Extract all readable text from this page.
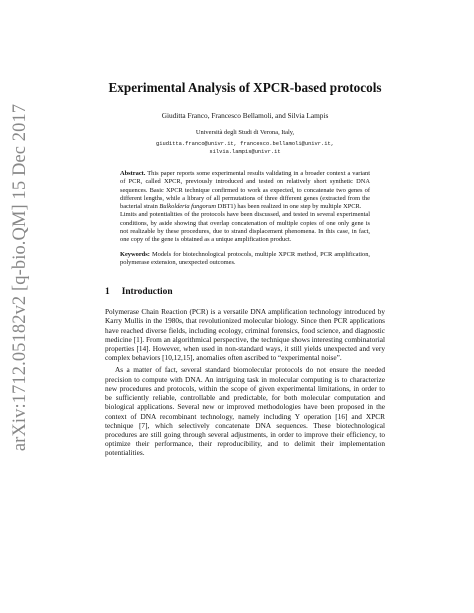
arXiv:1712.05182v2 [q-bio.QM] 15 Dec 2017
Experimental Analysis of XPCR-based protocols
Giuditta Franco, Francesco Bellamoli, and Silvia Lampis
Università degli Studi di Verona, Italy,
giuditta.franco@univr.it, francesco.bellamoli@univr.it, silvia.lampis@univr.it

Abstract. This paper reports some experimental results validating in a broader context a variant of PCR, called XPCR, previously introduced and tested on relatively short synthetic DNA sequences. Basic XPCR technique confirmed to work as expected, to concatenate two genes of different lengths, while a library of all permutations of three different genes (extracted from the bacterial strain Bulkolderia fungorum DBT1) has been realized in one step by multiple XPCR.

Limits and potentialities of the protocols have been discussed, and tested in several experimental conditions, by aside showing that overlap concatenation of multiple copies of one only gene is not realizable by these procedures, due to strand displacement phenomena. In this case, in fact, one copy of the gene is obtained as a unique amplification product.

Keywords: Models for biotechnological protocols, multiple XPCR method, PCR amplification, polymerase extension, unexpected outcomes.
1 Introduction

Polymerase Chain Reaction (PCR) is a versatile DNA amplification technology introduced by Karry Mullis in the 1980s, that revolutionized molecular biology. Since then PCR applications have reached diverse fields, including ecology, criminal forensics, food science, and diagnostic medicine [1]. From an algorithmical perspective, the technique shows interesting combinatorial properties [14]. However, when used in non-standard ways, it still yields unexpected and very complex behaviors [10,12,15], anomalies often ascribed to “experimental noise”.

As a matter of fact, several standard biomolecular protocols do not ensure the needed precision to compute with DNA. An intriguing task in molecular computing is to characterize new procedures and protocols, within the scope of given experimental limitations, in order to be sufficiently reliable, controllable and predictable, for both molecular computation and biological applications. Several new or improved methodologies have been proposed in the context of DNA recombinant technology, namely including Y operation [16] and XPCR technique [7], which selectively concatenate DNA sequences. These biotechnological procedures are still going through several adjustments, in order to improve their efficiency, to optimize their performance, their reproducibility, and to delimit their implementation potentialities.
